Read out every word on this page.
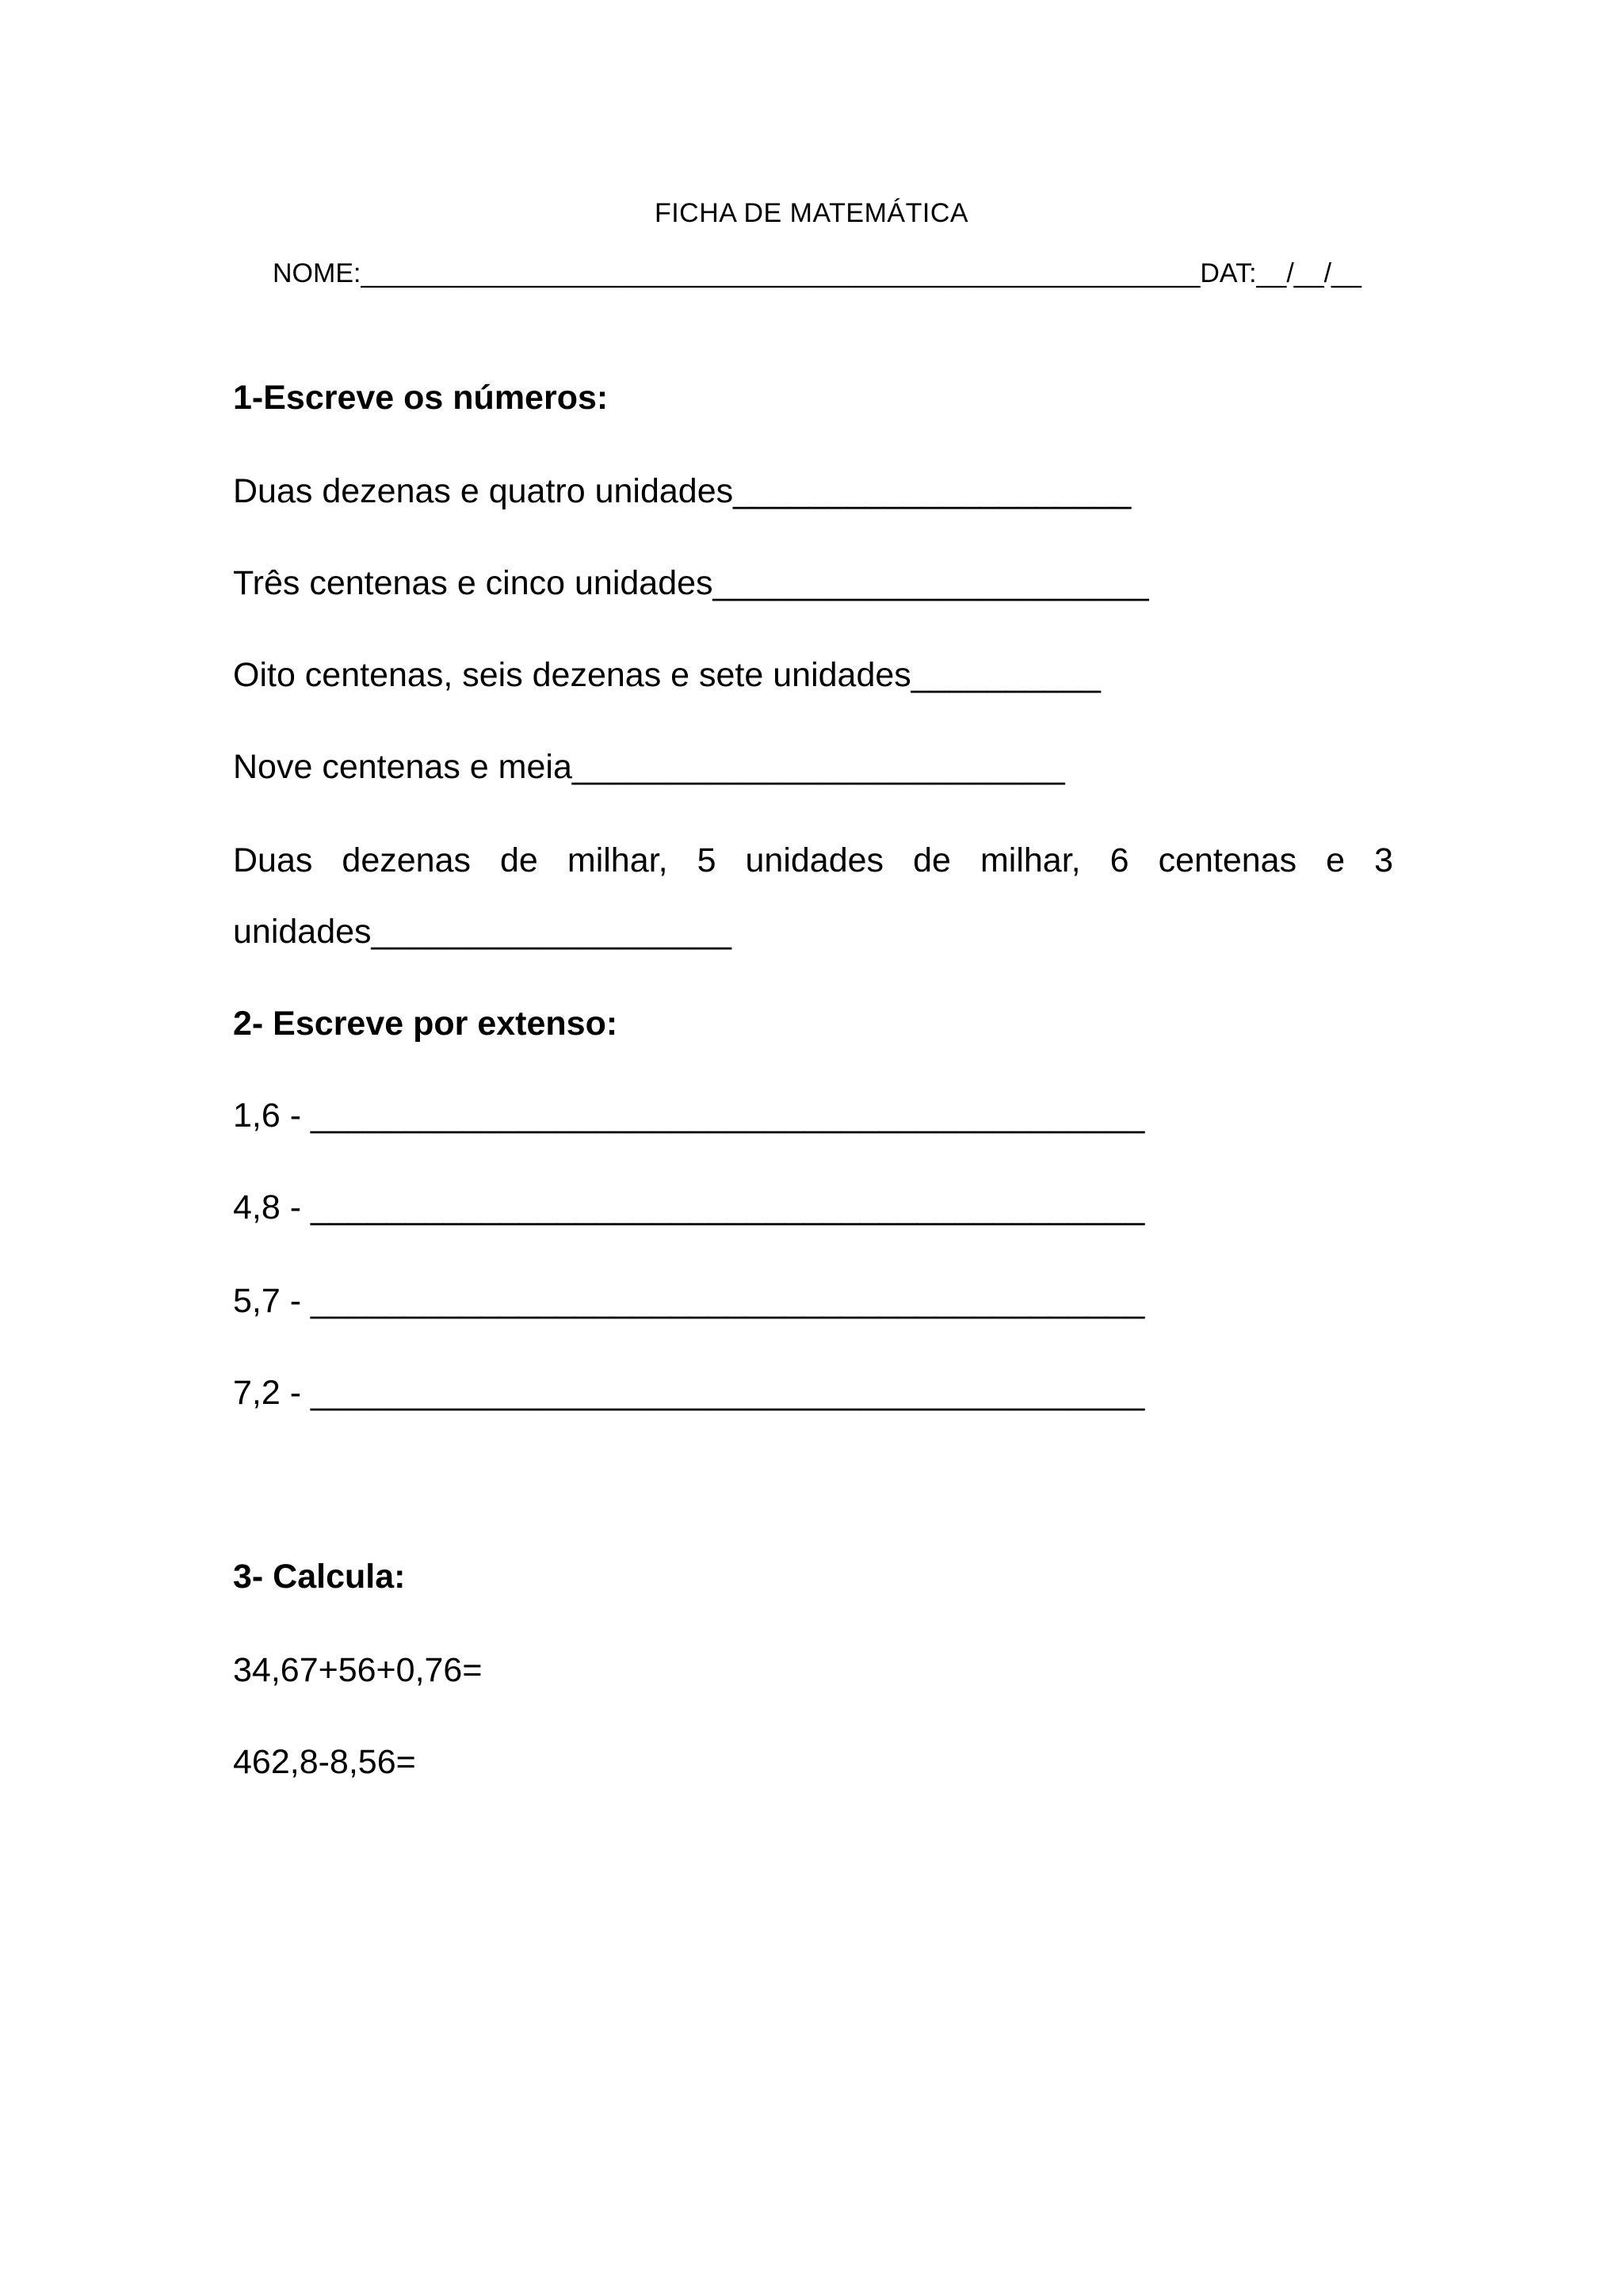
FICHA DE MATEMÁTICA
NOME:________________________________________________________DAT:__/__/__
1-Escreve os números:
Duas dezenas e quatro unidades_____________________
Três centenas e cinco unidades_______________________
Oito centenas, seis dezenas e sete unidades__________
Nove centenas e meia__________________________
Duas dezenas de milhar, 5 unidades de milhar, 6 centenas e 3
unidades___________________
2- Escreve por extenso:
1,6 - ____________________________________________
4,8 - ____________________________________________
5,7 - ____________________________________________
7,2 - ____________________________________________
3- Calcula:
34,67+56+0,76=
462,8-8,56=
